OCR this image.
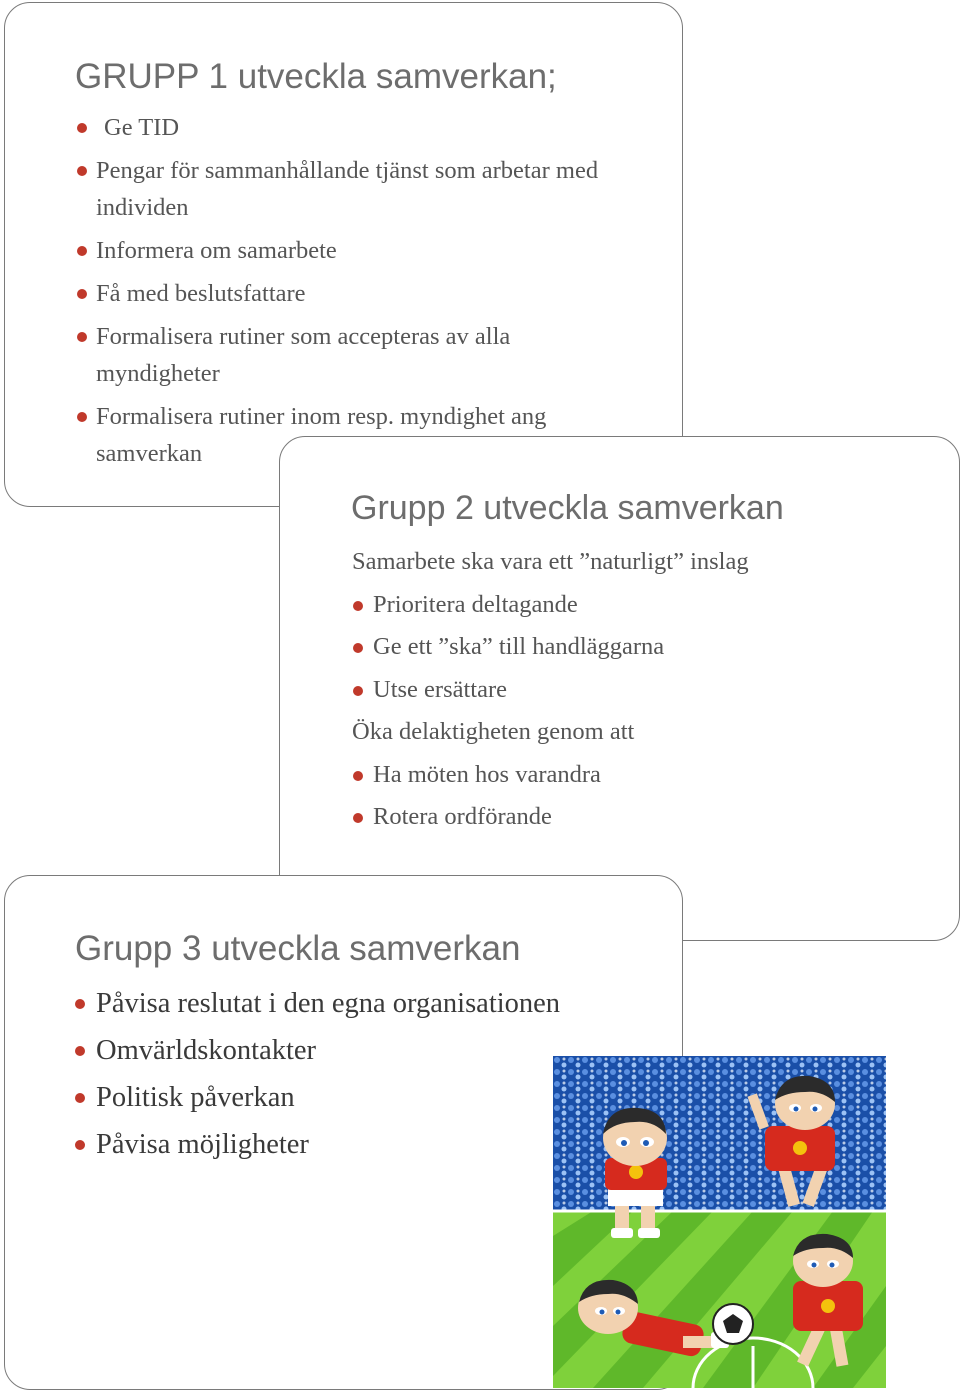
GRUPP 1 utveckla samverkan;
Ge TID
Pengar för sammanhållande tjänst som arbetar med individen
Informera om samarbete
Få med beslutsfattare
Formalisera rutiner som accepteras av alla myndigheter
Formalisera rutiner inom resp. myndighet ang samverkan
Grupp 2 utveckla samverkan
Samarbete ska vara ett ”naturligt” inslag
Prioritera deltagande
Ge ett ”ska” till handläggarna
Utse ersättare
Öka delaktigheten genom att
Ha möten hos varandra
Rotera ordförande
Grupp 3 utveckla samverkan
Påvisa reslutat i den egna organisationen
Omvärldskontakter
Politisk påverkan
Påvisa möjligheter
